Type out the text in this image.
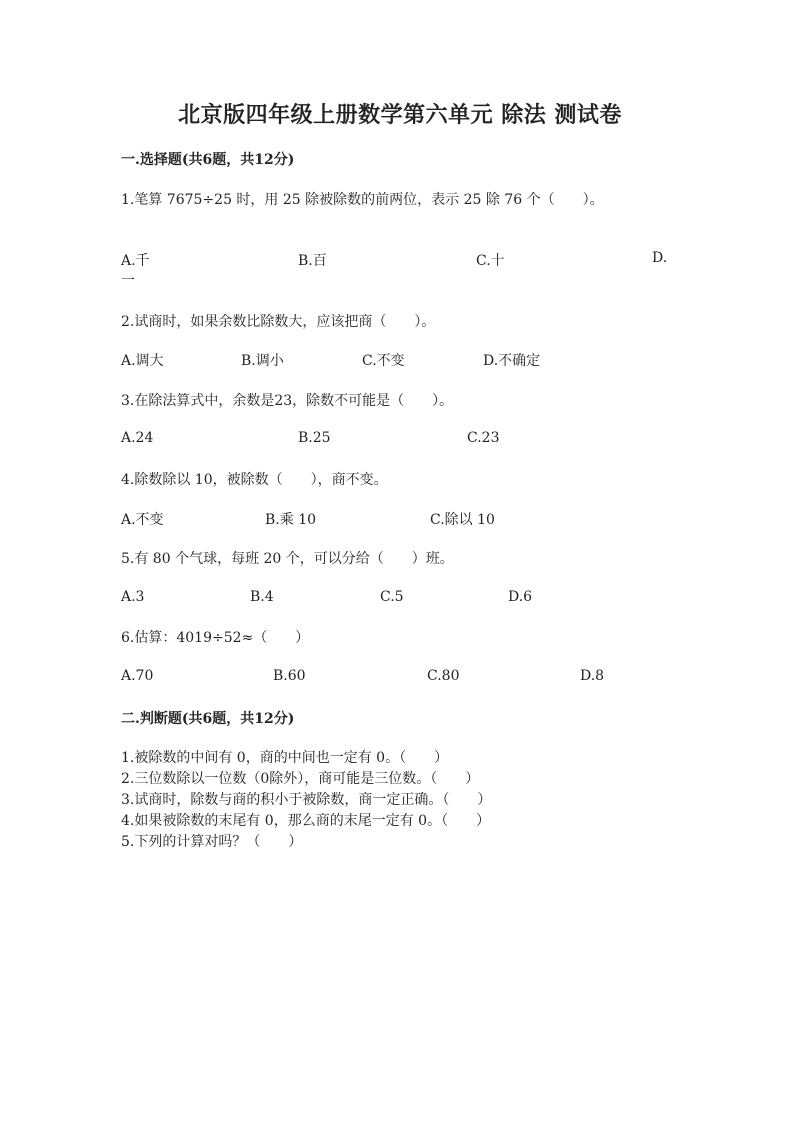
北京版四年级上册数学第六单元 除法 测试卷
一.选择题(共6题，共12分)
1.笔算 7675÷25 时，用 25 除被除数的前两位，表示 25 除 76 个（　　）。
A.千	B.百	C.十	D.
一
2.试商时，如果余数比除数大，应该把商（　　）。
A.调大	B.调小	C.不变	D.不确定
3.在除法算式中，余数是23，除数不可能是（　　）。
A.24	B.25	C.23
4.除数除以 10，被除数（　　），商不变。
A.不变	B.乘 10	C.除以 10
5.有 80 个气球，每班 20 个，可以分给（　　）班。
A.3	B.4	C.5	D.6
6.估算：4019÷52≈（　　）
A.70	B.60	C.80	D.8
二.判断题(共6题，共12分)
1.被除数的中间有 0，商的中间也一定有 0。（　　）
2.三位数除以一位数（0除外），商可能是三位数。（　　）
3.试商时，除数与商的积小于被除数，商一定正确。（　　）
4.如果被除数的末尾有 0，那么商的末尾一定有 0。（　　）
5.下列的计算对吗？（　　）
